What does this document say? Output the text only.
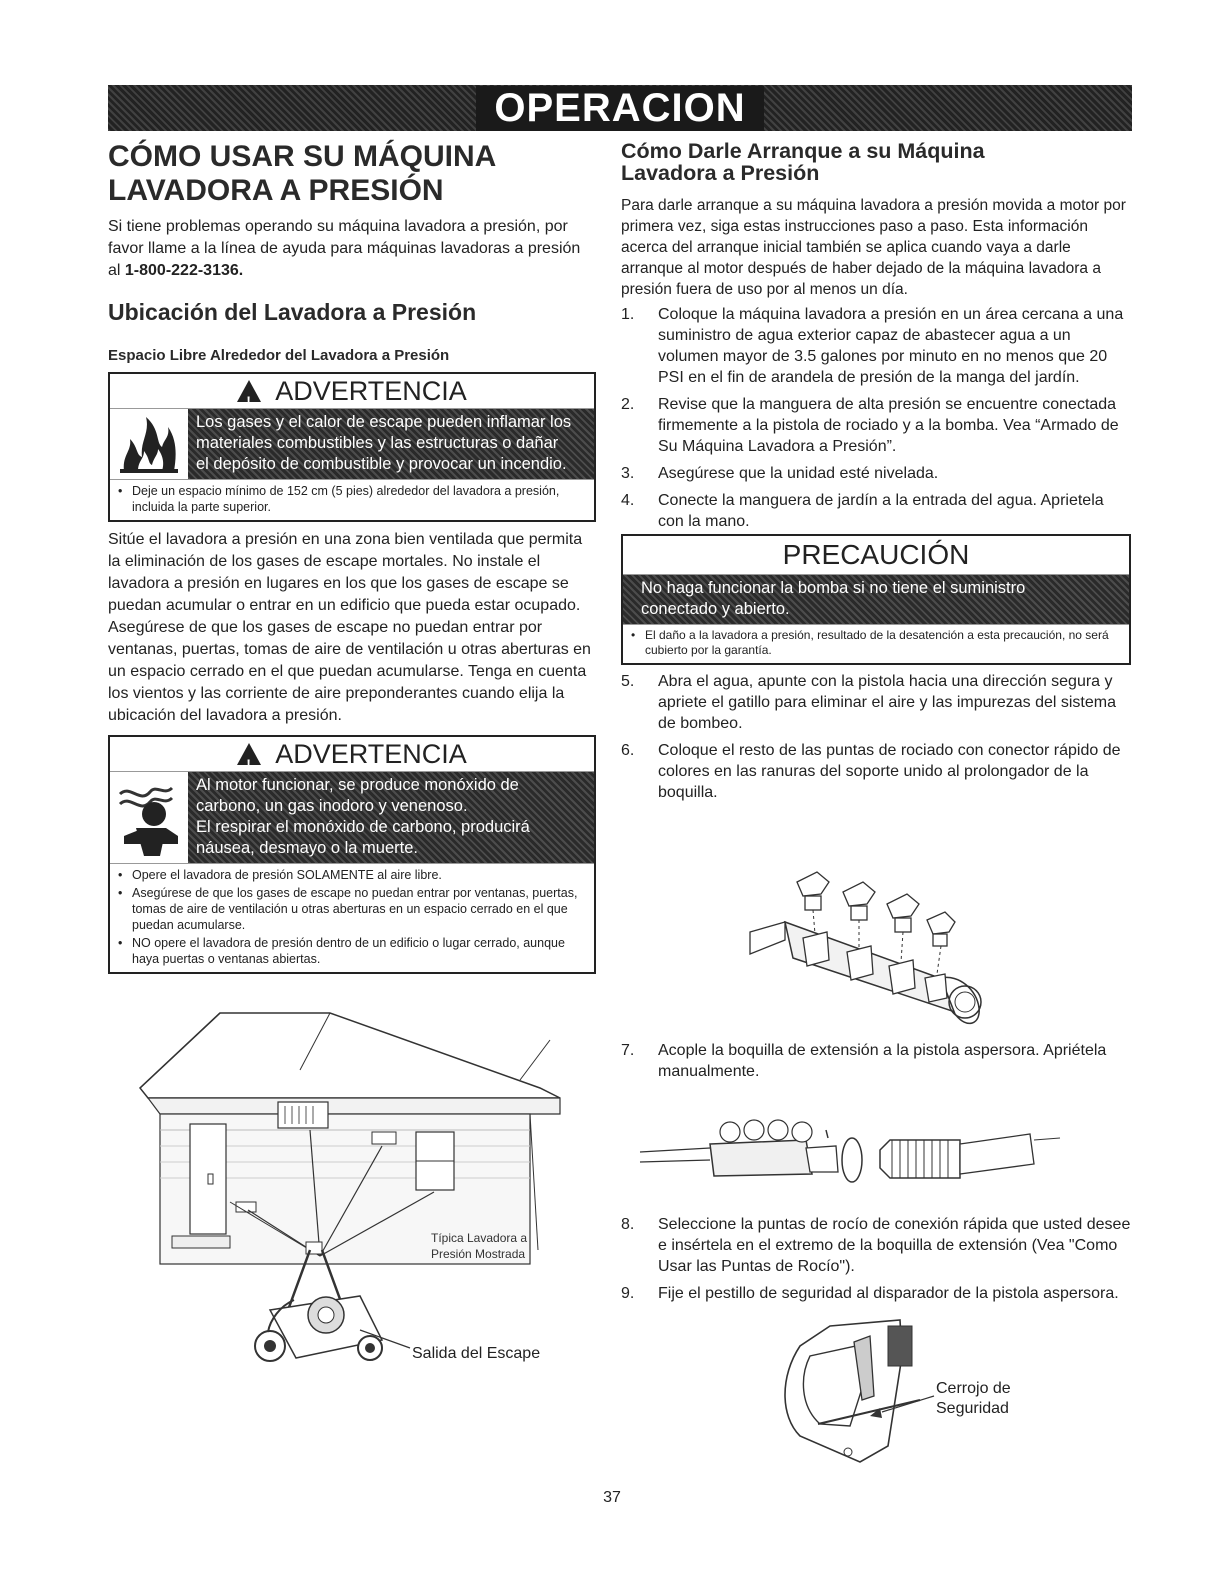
OPERACION
CÓMO USAR SU MÁQUINA
LAVADORA A PRESIÓN

Si tiene problemas operando su máquina lavadora a presión, por favor llame a la línea de ayuda para máquinas lavadoras a presión al 1-800-222-3136.

Ubicación del Lavadora a Presión
Espacio Libre Alrededor del Lavadora a Presión
!
ADVERTENCIA
Los gases y el calor de escape pueden inflamar los
materiales combustibles y las estructuras o dañar
el depósito de combustible y provocar un incendio.
• Deje un espacio mínimo de 152 cm (5 pies) alrededor del lavadora a presión, incluida la parte superior.

Sitúe el lavadora a presión en una zona bien ventilada que permita la eliminación de los gases de escape mortales. No instale el lavadora a presión en lugares en los que los gases de escape se puedan acumular o entrar en un edificio que pueda estar ocupado. Asegúrese de que los gases de escape no puedan entrar por ventanas, puertas, tomas de aire de ventilación u otras aberturas en un espacio cerrado en el que puedan acumularse. Tenga en cuenta los vientos y las corriente de aire preponderantes cuando elija la ubicación del lavadora a presión.

!
ADVERTENCIA
Al motor funcionar, se produce monóxido de
carbono, un gas inodoro y venenoso.
El respirar el monóxido de carbono, producirá
náusea, desmayo o la muerte.
• Opere el lavadora de presión SOLAMENTE al aire libre.
• Asegúrese de que los gases de escape no puedan entrar por ventanas, puertas, tomas de aire de ventilación u otras aberturas en un espacio cerrado en el que puedan acumularse.
• NO opere el lavadora de presión dentro de un edificio o lugar cerrado, aunque haya puertas o ventanas abiertas.
Típica Lavadora a
Presión Mostrada
Salida del Escape
Cómo Darle Arranque a su Máquina
Lavadora a Presión

Para darle arranque a su máquina lavadora a presión movida a motor por primera vez, siga estas instrucciones paso a paso. Esta información acerca del arranque inicial también se aplica cuando vaya a darle arranque al motor después de haber dejado de la máquina lavadora a presión fuera de uso por al menos un día.

1. Coloque la máquina lavadora a presión en un área cercana a una suministro de agua exterior capaz de abastecer agua a un volumen mayor de 3.5 galones por minuto en no menos que 20 PSI en el fin de arandela de presión de la manga del jardín.
2. Revise que la manguera de alta presión se encuentre conectada firmemente a la pistola de rociado y a la bomba. Vea “Armado de Su Máquina Lavadora a Presión”.
3. Asegúrese que la unidad esté nivelada.
4. Conecte la manguera de jardín a la entrada del agua. Aprietela con la mano.
PRECAUCIÓN
No haga funcionar la bomba si no tiene el suministro
conectado y abierto.
• El daño a la lavadora a presión, resultado de la desatención a esta precaución, no será cubierto por la garantía.
5. Abra el agua, apunte con la pistola hacia una dirección segura y apriete el gatillo para eliminar el aire y las impurezas del sistema de bombeo.
6. Coloque el resto de las puntas de rociado con conector rápido de colores en las ranuras del soporte unido al prolongador de la boquilla.
7. Acople la boquilla de extensión a la pistola aspersora. Apriétela manualmente.
8. Seleccione la puntas de rocío de conexión rápida que usted desee e insértela en el extremo de la boquilla de extensión (Vea "Como Usar las Puntas de Rocío").
9. Fije el pestillo de seguridad al disparador de la pistola aspersora.
Cerrojo de
Seguridad
37
